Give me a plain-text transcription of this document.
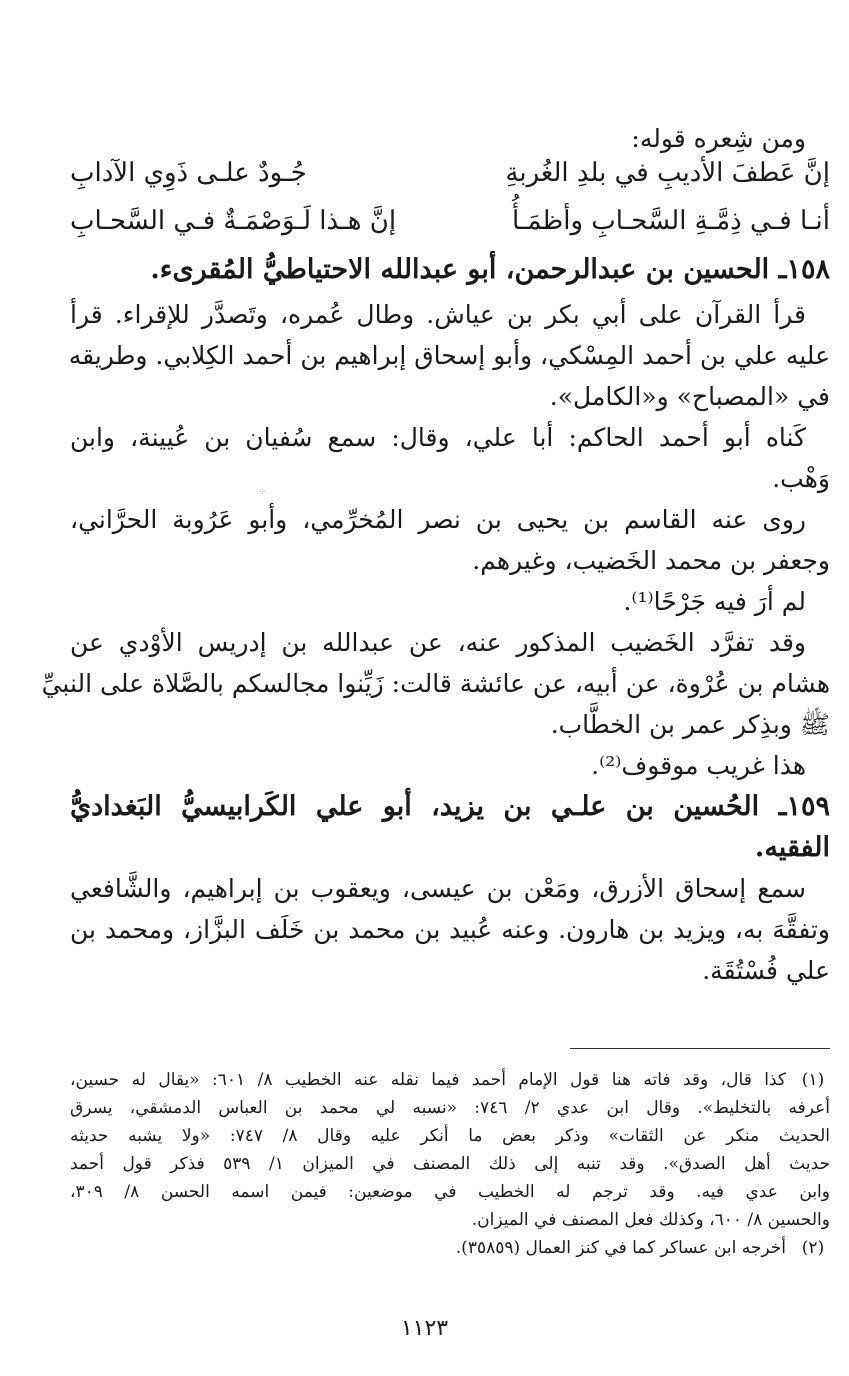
ومن شِعره قوله:
إنَّ عَطفَ الأديبِ في بلدِ الغُربةِ
جُـودٌ علـى ذَوِي الآدابِ
أنـا فـي ذِمَّـةِ السَّحـابِ وأظمَـأُ
إنَّ هـذا لَـوَصْمَـةٌ فـي السَّحـابِ
١٥٨ـ الحسين بن عبدالرحمن، أبو عبدالله الاحتياطيُّ المُقرىء.
قرأ القرآن على أبي بكر بن عياش. وطال عُمره، وتَصدَّر للإقراء. قرأ
عليه علي بن أحمد المِسْكي، وأبو إسحاق إبراهيم بن أحمد الكِلابي. وطريقه
في «المصباح» و«الكامل».
كَناه أبو أحمد الحاكم: أبا علي، وقال: سمع سُفيان بن عُيينة، وابن
وَهْب.
روى عنه القاسم بن يحيى بن نصر المُخرِّمي، وأبو عَرُوبة الحرَّاني،
وجعفر بن محمد الخَضيب، وغيرهم.
لم أرَ فيه جَرْحًا⁽¹⁾.
وقد تفرَّد الخَضيب المذكور عنه، عن عبدالله بن إدريس الأوْدي عن
هشام بن عُرْوة، عن أبيه، عن عائشة قالت: زَيِّنوا مجالسكم بالصَّلاة على النبيِّ
ﷺ وبذِكر عمر بن الخطَّاب.
هذا غريب موقوف⁽²⁾.
١٥٩ـ الحُسين بن علـي بن يزيد، أبو علي الكَرابيسيُّ البَغداديُّ
الفقيه.
سمع إسحاق الأزرق، ومَعْن بن عيسى، ويعقوب بن إبراهيم، والشَّافعي
وتفقَّهَ به، ويزيد بن هارون. وعنه عُبيد بن محمد بن خَلَف البزَّاز، ومحمد بن
علي فُسْتُقَة.
(١)
كذا قال، وقد فاته هنا قول الإمام أحمد فيما نقله عنه الخطيب ٨/ ٦٠١: «يقال له حسين،
أعرفه بالتخليط». وقال ابن عدي ٢/ ٧٤٦: «نسبه لي محمد بن العباس الدمشقي، يسرق
الحديث منكر عن الثقات» وذكر بعض ما أنكر عليه وقال ٨/ ٧٤٧: «ولا يشبه حديثه
حديث أهل الصدق». وقد تنبه إلى ذلك المصنف في الميزان ١/ ٥٣٩ فذكر قول أحمد
وابن عدي فيه. وقد ترجم له الخطيب في موضعين: فيمن اسمه الحسن ٨/ ٣٠٩،
والحسين ٨/ ٦٠٠، وكذلك فعل المصنف في الميزان.
(٢)
أخرجه ابن عساكر كما في كنز العمال (٣٥٨٥٩).
⁘
١١٢٣
